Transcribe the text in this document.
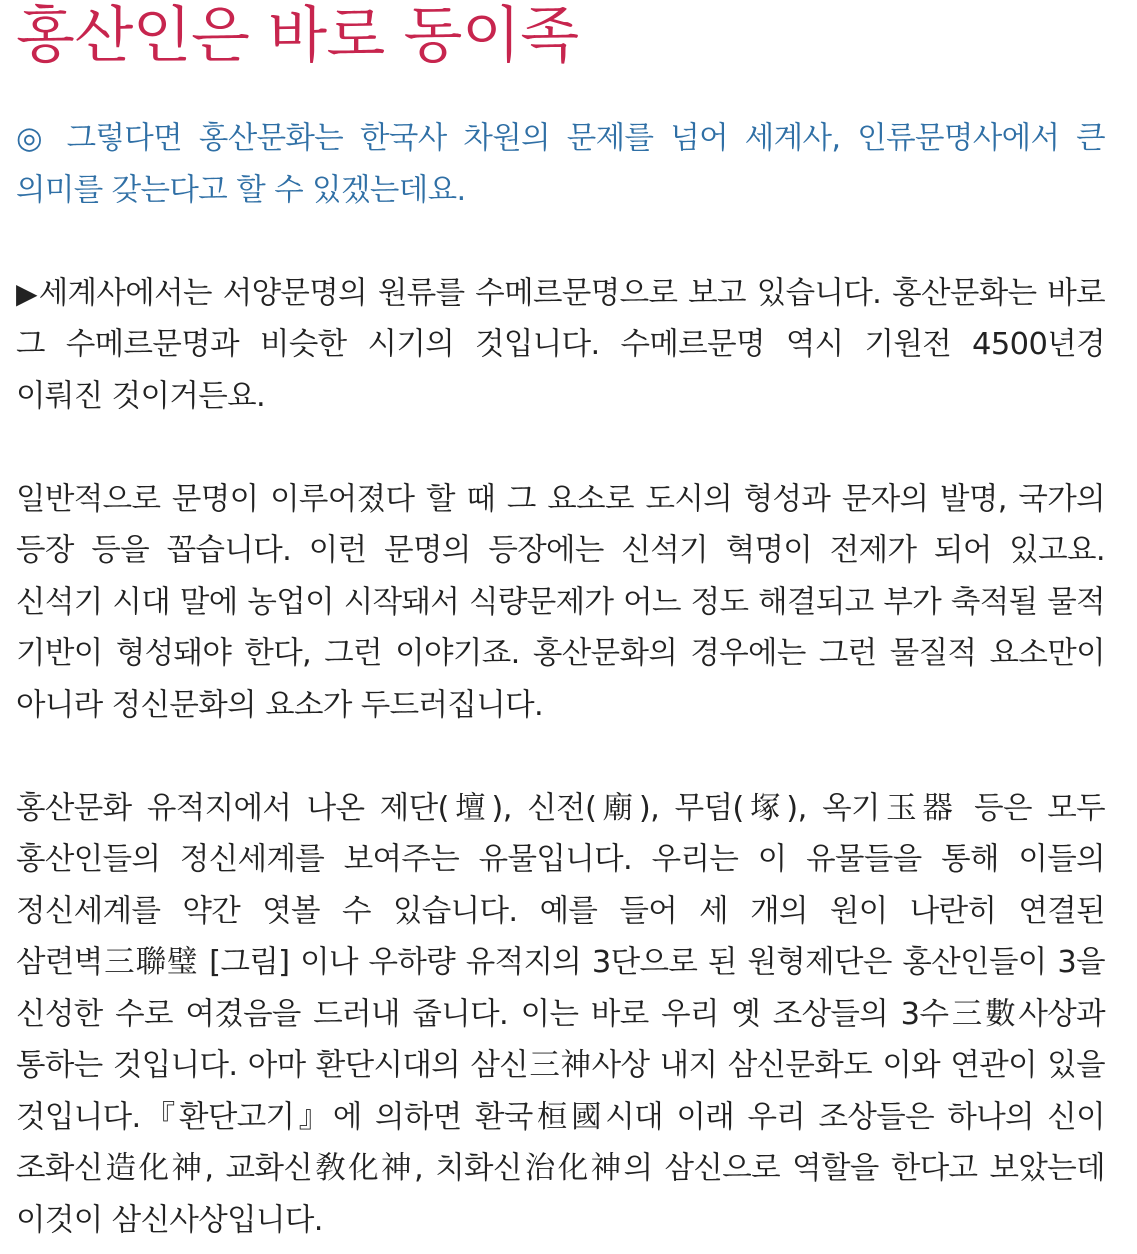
홍산인은 바로 동이족

◎ 그렇다면 홍산문화는 한국사 차원의 문제를 넘어 세계사, 인류문명사에서 큰 의미를 갖는다고 할 수 있겠는데요.

▶세계사에서는 서양문명의 원류를 수메르문명으로 보고 있습니다. 홍산문화는 바로 그 수메르문명과 비슷한 시기의 것입니다. 수메르문명 역시 기원전 4500년경 이뤄진 것이거든요.

일반적으로 문명이 이루어졌다 할 때 그 요소로 도시의 형성과 문자의 발명, 국가의 등장 등을 꼽습니다. 이런 문명의 등장에는 신석기 혁명이 전제가 되어 있고요. 신석기 시대 말에 농업이 시작돼서 식량문제가 어느 정도 해결되고 부가 축적될 물적 기반이 형성돼야 한다, 그런 이야기죠. 홍산문화의 경우에는 그런 물질적 요소만이 아니라 정신문화의 요소가 두드러집니다.

홍산문화 유적지에서 나온 제단(壇), 신전(廟), 무덤(塚), 옥기玉器 등은 모두 홍산인들의 정신세계를 보여주는 유물입니다. 우리는 이 유물들을 통해 이들의 정신세계를 약간 엿볼 수 있습니다. 예를 들어 세 개의 원이 나란히 연결된 삼련벽三聯璧 [그림] 이나 우하량 유적지의 3단으로 된 원형제단은 홍산인들이 3을 신성한 수로 여겼음을 드러내 줍니다. 이는 바로 우리 옛 조상들의 3수三數사상과 통하는 것입니다. 아마 환단시대의 삼신三神사상 내지 삼신문화도 이와 연관이 있을 것입니다.『환단고기』에 의하면 환국桓國시대 이래 우리 조상들은 하나의 신이 조화신造化神, 교화신敎化神, 치화신治化神의 삼신으로 역할을 한다고 보았는데 이것이 삼신사상입니다.
